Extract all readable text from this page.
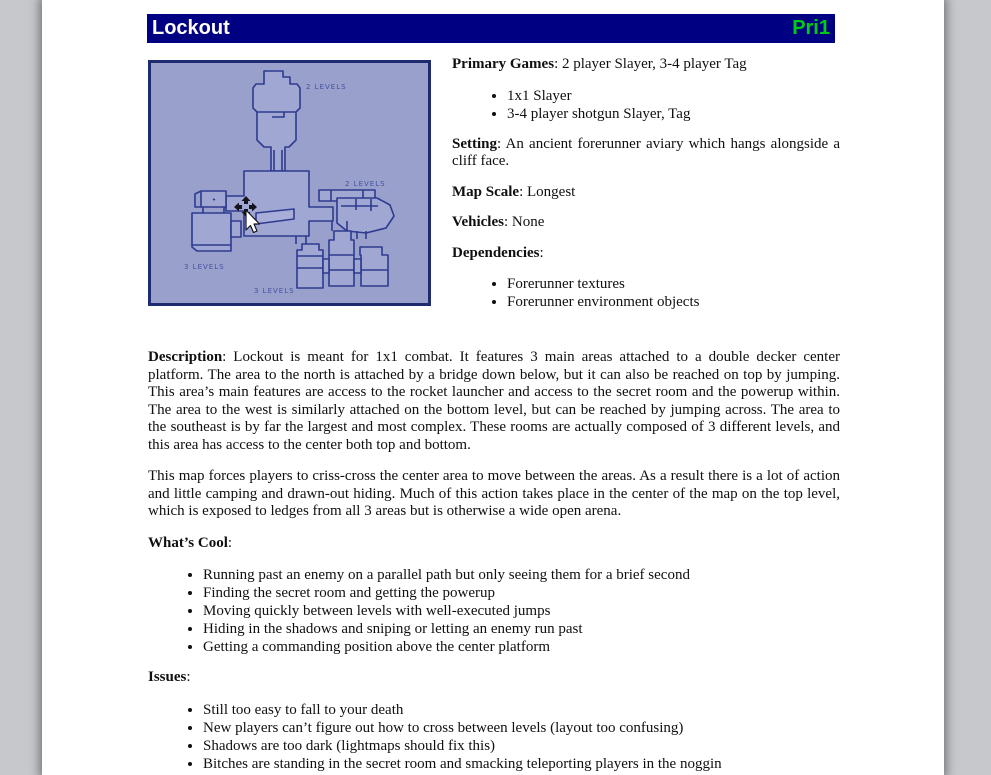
Lockout	Pri1
2 LEVELS
2 LEVELS
3 LEVELS
3 LEVELS

Primary Games: 2 player Slayer, 3-4 player Tag

• 1x1 Slayer
• 3-4 player shotgun Slayer, Tag

Setting: An ancient forerunner aviary which hangs alongside a cliff face.

Map Scale: Longest

Vehicles: None

Dependencies:

• Forerunner textures
• Forerunner environment objects

Description: Lockout is meant for 1x1 combat. It features 3 main areas attached to a double decker center platform. The area to the north is attached by a bridge down below, but it can also be reached on top by jumping. This area’s main features are access to the rocket launcher and access to the secret room and the powerup within. The area to the west is similarly attached on the bottom level, but can be reached by jumping across. The area to the southeast is by far the largest and most complex. These rooms are actually composed of 3 different levels, and this area has access to the center both top and bottom.

This map forces players to criss-cross the center area to move between the areas. As a result there is a lot of action and little camping and drawn-out hiding. Much of this action takes place in the center of the map on the top level, which is exposed to ledges from all 3 areas but is otherwise a wide open arena.

What’s Cool:

• Running past an enemy on a parallel path but only seeing them for a brief second
• Finding the secret room and getting the powerup
• Moving quickly between levels with well-executed jumps
• Hiding in the shadows and sniping or letting an enemy run past
• Getting a commanding position above the center platform

Issues:

• Still too easy to fall to your death
• New players can’t figure out how to cross between levels (layout too confusing)
• Shadows are too dark (lightmaps should fix this)
• Bitches are standing in the secret room and smacking teleporting players in the noggin
